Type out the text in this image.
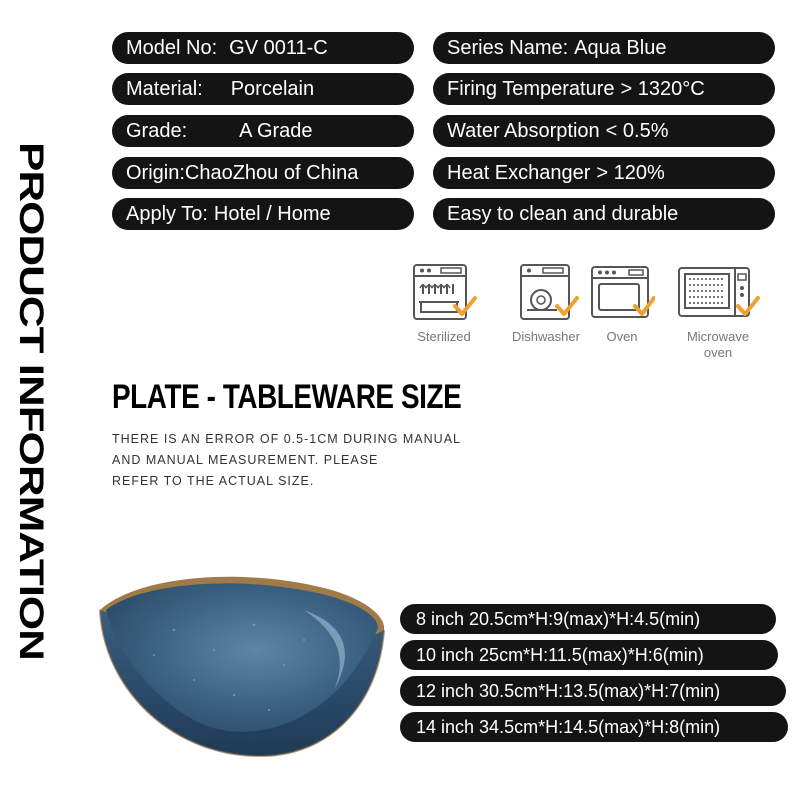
PRODUCT INFORMATION
Model No: GV 0011-C
Material: Porcelain
Grade:	A Grade
Origin: ChaoZhou of China
Apply To: Hotel / Home
Series Name: Aqua Blue
Firing Temperature > 1320°C
Water Absorption < 0.5%
Heat Exchanger > 120%
Easy to clean and durable
Sterilized	Dishwasher	Oven	Microwave oven
PLATE - TABLEWARE SIZE
THERE IS AN ERROR OF 0.5-1CM DURING MANUAL
AND MANUAL MEASUREMENT. PLEASE
REFER TO THE ACTUAL SIZE.
8 inch 20.5cm*H:9(max)*H:4.5(min)
10 inch 25cm*H:11.5(max)*H:6(min)
12 inch 30.5cm*H:13.5(max)*H:7(min)
14 inch 34.5cm*H:14.5(max)*H:8(min)
